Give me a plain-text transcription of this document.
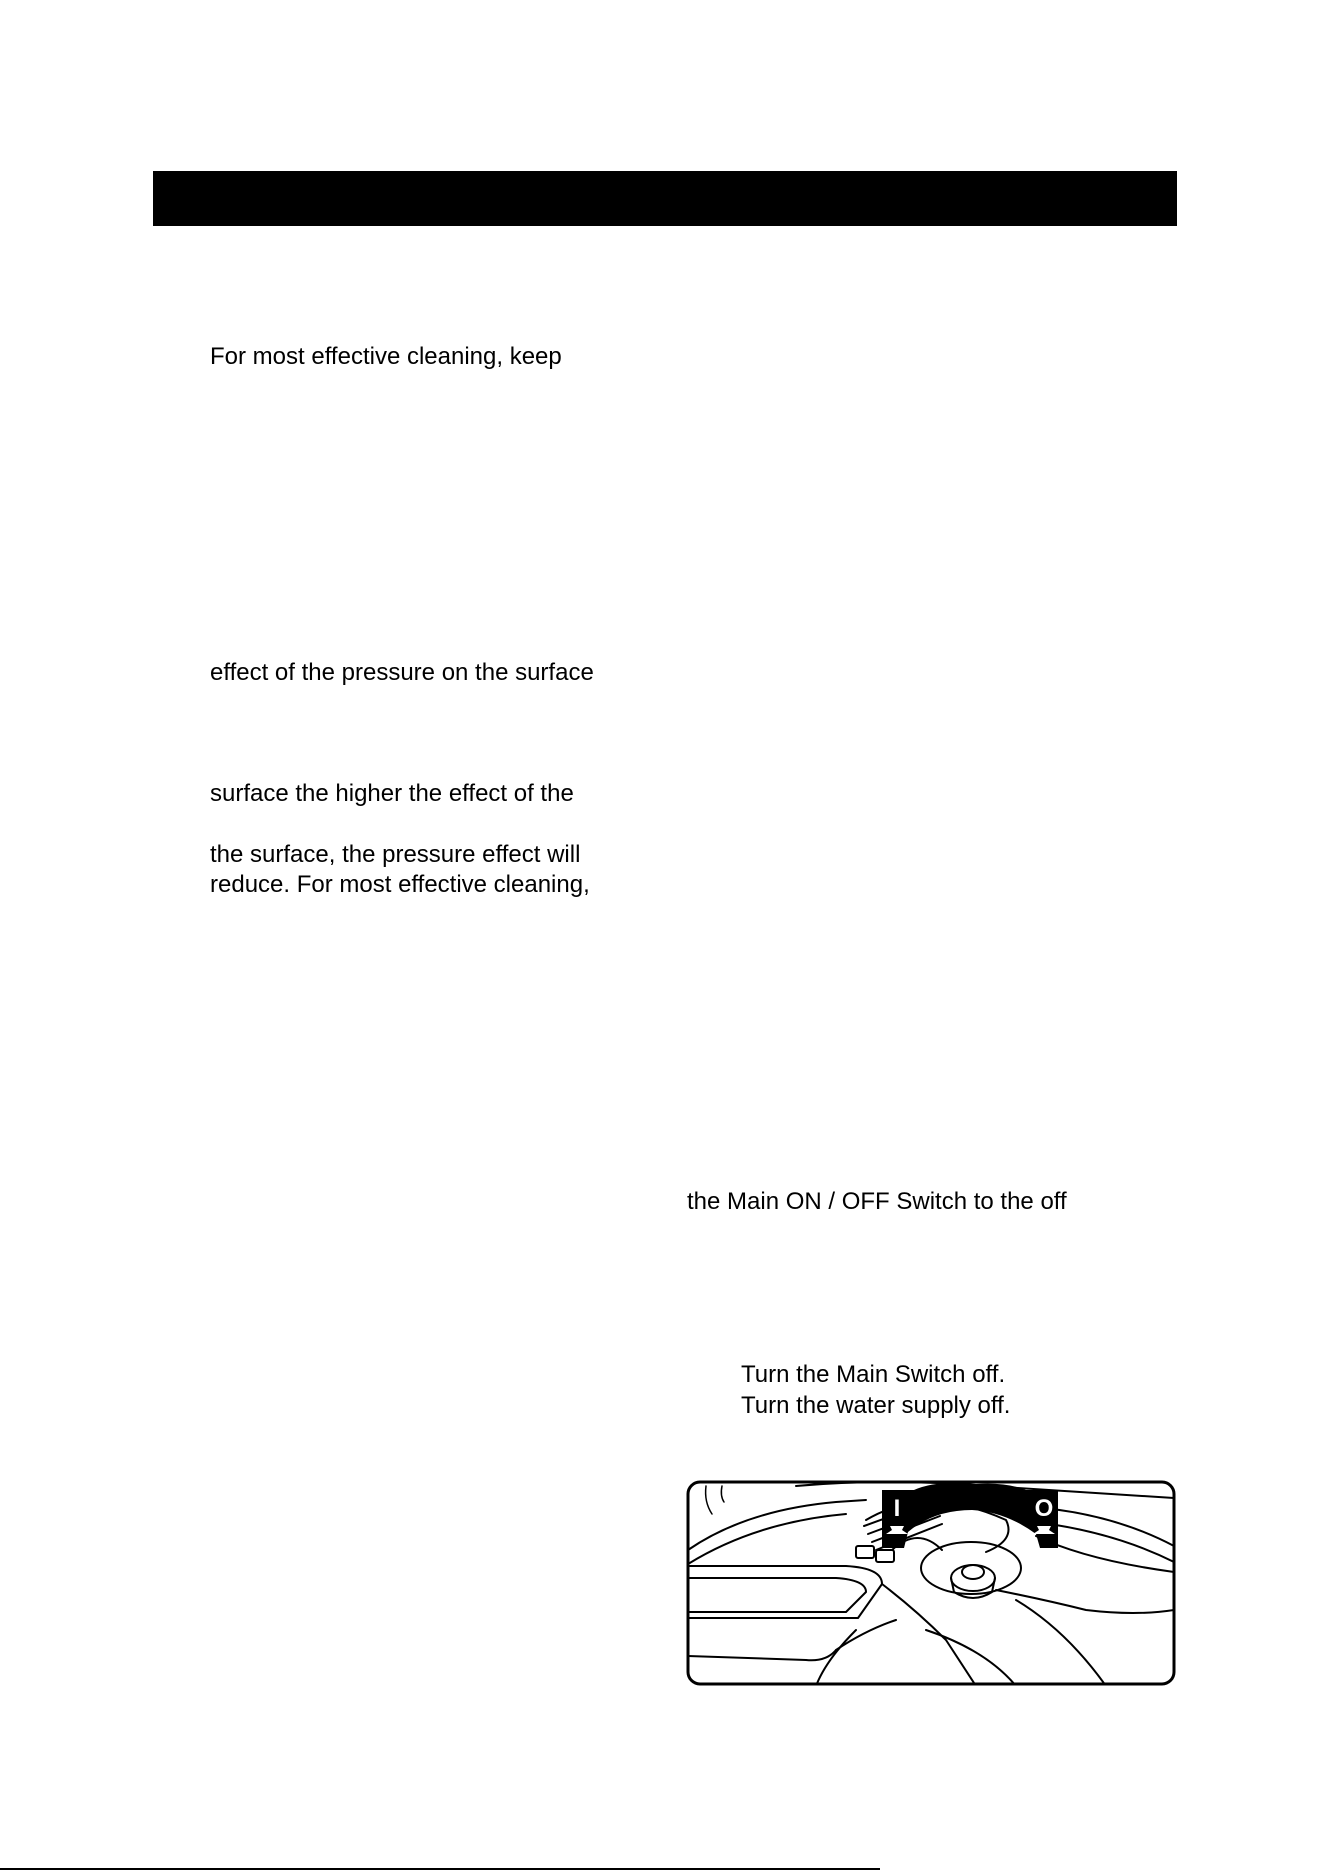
For most effective cleaning, keep
effect of the pressure on the surface
surface the higher the effect of the
the surface, the pressure effect will
reduce. For most effective cleaning,
the Main ON / OFF Switch to the off
Turn the Main Switch off.
Turn the water supply off.
I	O
